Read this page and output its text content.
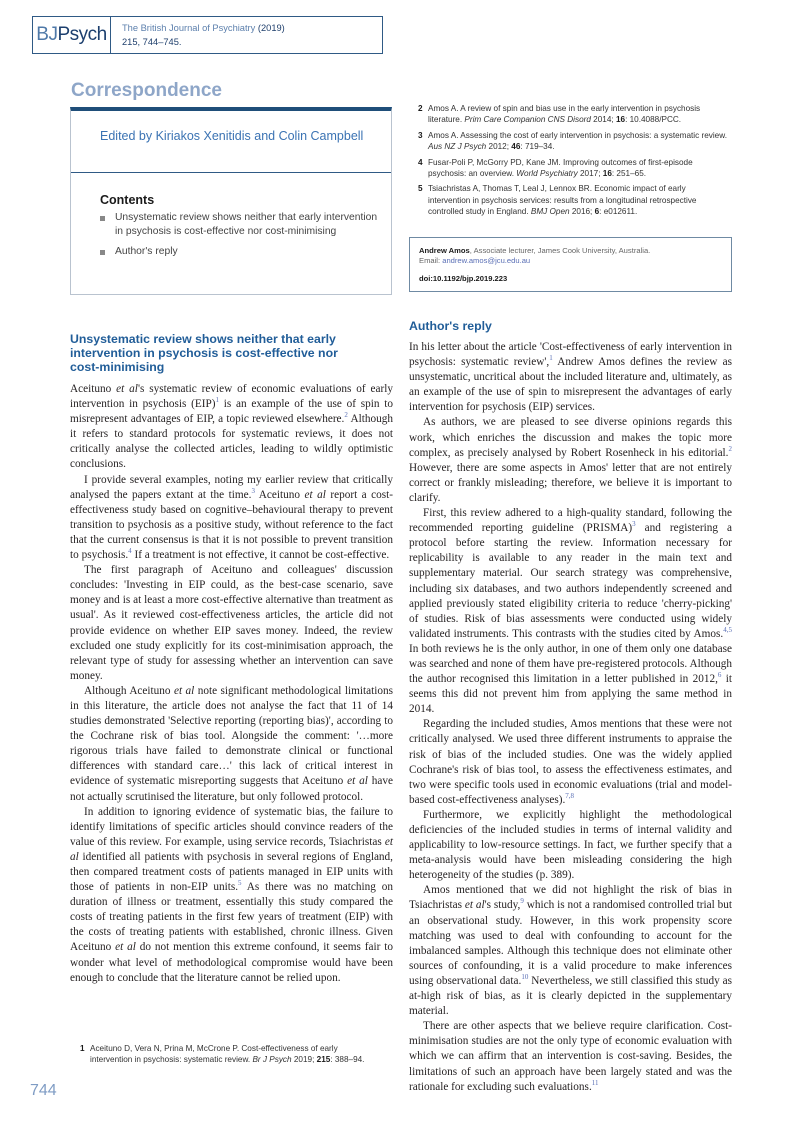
BJPsych	The British Journal of Psychiatry (2019)
215, 744–745.
Correspondence
Edited by Kiriakos Xenitidis and Colin Campbell
Contents
Unsystematic review shows neither that early intervention in psychosis is cost-effective nor cost-minimising
Author's reply
Unsystematic review shows neither that early intervention in psychosis is cost-effective nor cost-minimising

Aceituno et al's systematic review of economic evaluations of early intervention in psychosis (EIP)$^1$ is an example of the use of spin to misrepresent advantages of EIP, a topic reviewed elsewhere.$^2$ Although it refers to standard protocols for systematic reviews, it does not critically analyse the collected articles, leading to wildly optimistic conclusions.

I provide several examples, noting my earlier review that critically analysed the papers extant at the time.$^3$ Aceituno et al report a cost-effectiveness study based on cognitive–behavioural therapy to prevent transition to psychosis as a positive study, without reference to the fact that the current consensus is that it is not possible to prevent transition to psychosis.$^4$ If a treatment is not effective, it cannot be cost-effective.

The first paragraph of Aceituno and colleagues' discussion concludes: 'Investing in EIP could, as the best-case scenario, save money and is at least a more cost-effective alternative than treatment as usual'. As it reviewed cost-effectiveness articles, the article did not provide evidence on whether EIP saves money. Indeed, the review excluded one study explicitly for its cost-minimisation approach, the relevant type of study for assessing whether an intervention can save money.

Although Aceituno et al note significant methodological limitations in this literature, the article does not analyse the fact that 11 of 14 studies demonstrated 'Selective reporting (reporting bias)', according to the Cochrane risk of bias tool. Alongside the comment: '…more rigorous trials have failed to demonstrate clinical or functional differences with standard care…' this lack of critical interest in evidence of systematic misreporting suggests that Aceituno et al have not actually scrutinised the literature, but only followed protocol.

In addition to ignoring evidence of systematic bias, the failure to identify limitations of specific articles should convince readers of the value of this review. For example, using service records, Tsiachristas et al identified all patients with psychosis in several regions of England, then compared treatment costs of patients managed in EIP units with those of patients in non-EIP units.$^5$ As there was no matching on duration of illness or treatment, essentially this study compared the costs of treating patients in the first few years of treatment (EIP) with the costs of treating patients with established, chronic illness. Given Aceituno et al do not mention this extreme confound, it seems fair to wonder what level of methodological compromise would have been enough to conclude that the literature cannot be relied upon.

1 Aceituno D, Vera N, Prina M, McCrone P. Cost-effectiveness of early intervention in psychosis: systematic review. Br J Psych 2019; 215: 388–94.
2 Amos A. A review of spin and bias use in the early intervention in psychosis literature. Prim Care Companion CNS Disord 2014; 16: 10.4088/PCC.
3 Amos A. Assessing the cost of early intervention in psychosis: a systematic review. Aus NZ J Psych 2012; 46: 719–34.
4 Fusar-Poli P, McGorry PD, Kane JM. Improving outcomes of first-episode psychosis: an overview. World Psychiatry 2017; 16: 251–65.
5 Tsiachristas A, Thomas T, Leal J, Lennox BR. Economic impact of early intervention in psychosis services: results from a longitudinal retrospective controlled study in England. BMJ Open 2016; 6: e012611.
Andrew Amos, Associate lecturer, James Cook University, Australia.
Email: andrew.amos@jcu.edu.au
doi:10.1192/bjp.2019.223
Author's reply

In his letter about the article 'Cost-effectiveness of early intervention in psychosis: systematic review',$^1$ Andrew Amos defines the review as unsystematic, uncritical about the included literature and, ultimately, as an example of the use of spin to misrepresent the advantages of early intervention for psychosis (EIP) services.

As authors, we are pleased to see diverse opinions regards this work, which enriches the discussion and makes the topic more complex, as precisely analysed by Robert Rosenheck in his editorial.$^2$ However, there are some aspects in Amos' letter that are not entirely correct or frankly misleading; therefore, we believe it is important to clarify.

First, this review adhered to a high-quality standard, following the recommended reporting guideline (PRISMA)$^3$ and registering a protocol before starting the review. Information necessary for replicability is available to any reader in the main text and supplementary material. Our search strategy was comprehensive, including six databases, and two authors independently screened and applied previously stated eligibility criteria to reduce 'cherry-picking' of studies. Risk of bias assessments were conducted using widely validated instruments. This contrasts with the studies cited by Amos.$^{4,5}$ In both reviews he is the only author, in one of them only one database was searched and none of them have pre-registered protocols. Although the author recognised this limitation in a letter published in 2012,$^6$ it seems this did not prevent him from applying the same method in 2014.

Regarding the included studies, Amos mentions that these were not critically analysed. We used three different instruments to appraise the risk of bias of the included studies. One was the widely applied Cochrane's risk of bias tool, to assess the effectiveness estimates, and two were specific tools used in economic evaluations (trial and model-based cost-effectiveness analyses).$^{7,8}$

Furthermore, we explicitly highlight the methodological deficiencies of the included studies in terms of internal validity and applicability to low-resource settings. In fact, we further specify that a meta-analysis would have been misleading considering the high heterogeneity of the studies (p. 389).

Amos mentioned that we did not highlight the risk of bias in Tsiachristas et al's study,$^9$ which is not a randomised controlled trial but an observational study. However, in this work propensity score matching was used to deal with confounding to account for the imbalanced samples. Although this technique does not eliminate other sources of confounding, it is a valid procedure to make inferences using observational data.$^{10}$ Nevertheless, we still classified this study as at-high risk of bias, as it is clearly depicted in the supplementary material.

There are other aspects that we believe require clarification. Cost-minimisation studies are not the only type of economic evaluation with which we can affirm that an intervention is cost-saving. Besides, the limitations of such an approach have been largely stated and was the rationale for excluding such evaluations.$^{11}$

744
